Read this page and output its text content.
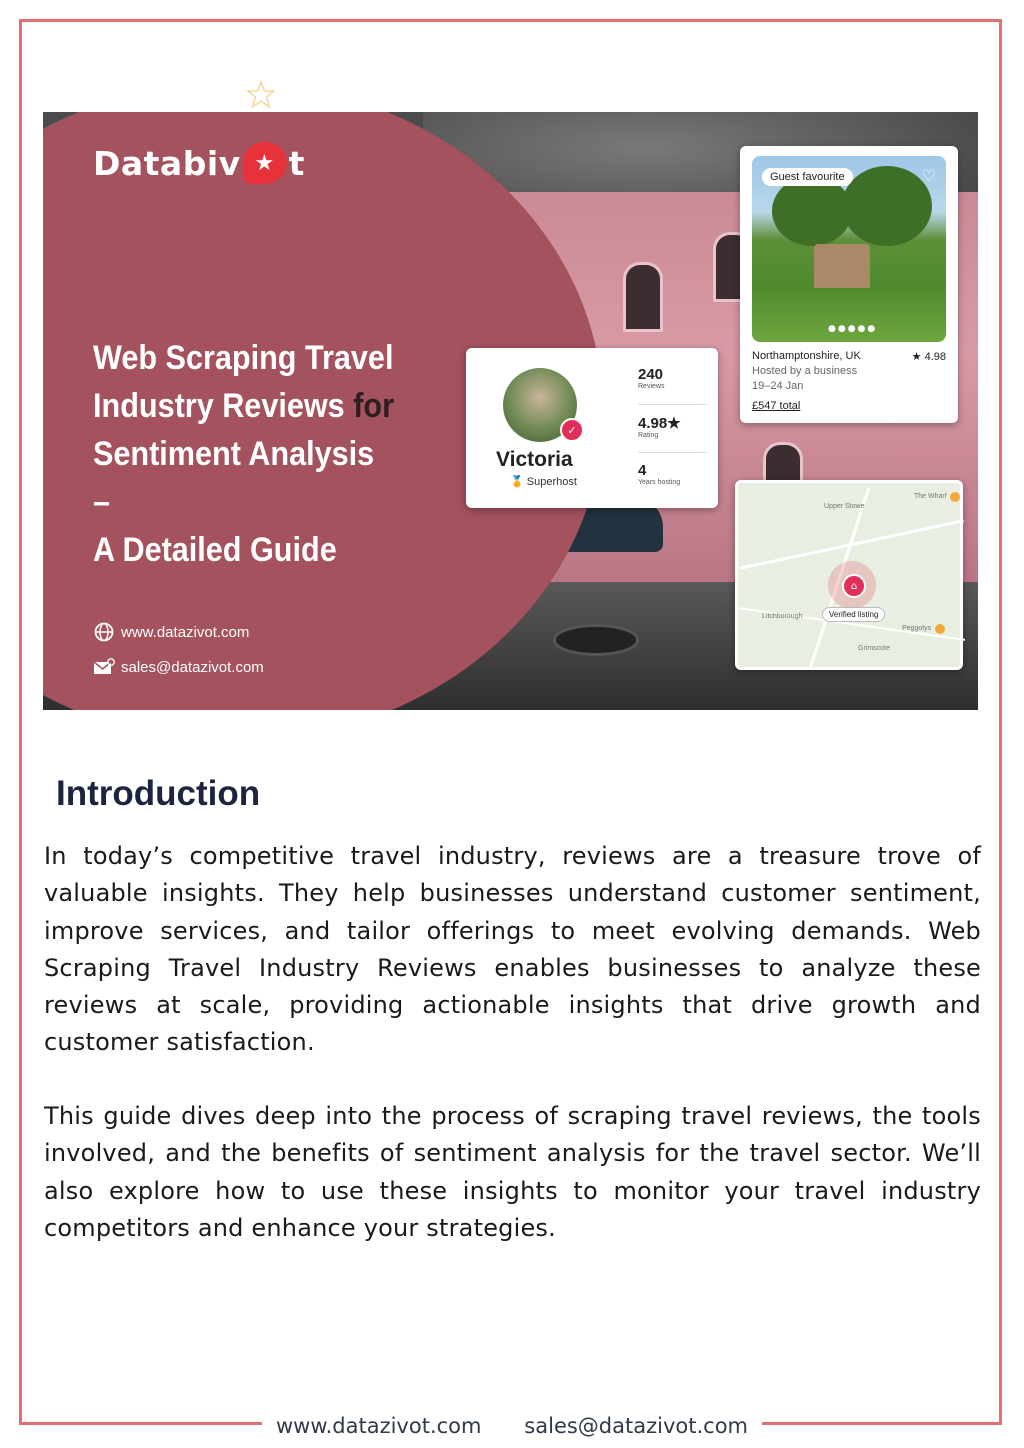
Databiv ★ t
Web Scraping Travel
Industry Reviews for
Sentiment Analysis –
A Detailed Guide
www.datazivot.com
sales@datazivot.com
✓
Victoria
🏅 Superhost
240
Reviews
4.98★
Rating
4
Years hosting
Guest favourite	♡
●●●●●
Northamptonshire, UK	★ 4.98
Hosted by a business
19–24 Jan
£547 total
Upper Stowe
The Wharf
Litchborough
Peggotys
Grimscote
⌂
Verified listing
Introduction

In today’s competitive travel industry, reviews are a treasure trove of valuable insights. They help businesses understand customer sentiment, improve services, and tailor offerings to meet evolving demands. Web Scraping Travel Industry Reviews enables businesses to analyze these reviews at scale, providing actionable insights that drive growth and customer satisfaction.

This guide dives deep into the process of scraping travel reviews, the tools involved, and the benefits of sentiment analysis for the travel sector. We’ll also explore how to use these insights to monitor your travel industry competitors and enhance your strategies.

www.datazivot.com sales@datazivot.com
